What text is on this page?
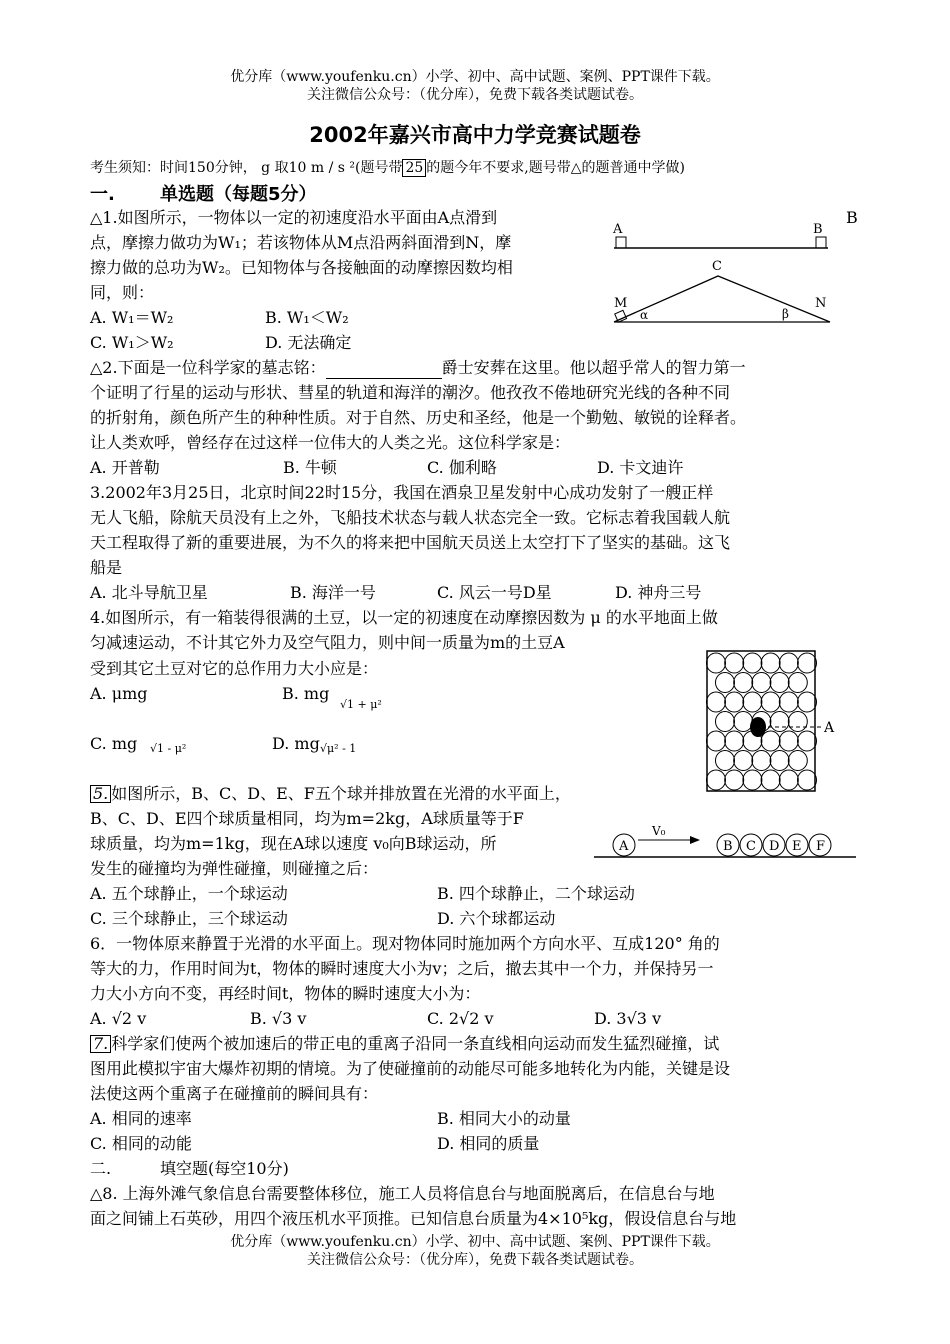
优分库（www.youfenku.cn）小学、初中、高中试题、案例、PPT课件下载。
关注微信公众号：（优分库），免费下载各类试题试卷。
2002年嘉兴市高中力学竞赛试题卷
考生须知：时间150分钟， g 取10 m / s ²(题号带 25 的题今年不要求,题号带△的题普通中学做)
一.	单选题（每题5分）
△1.如图所示，一物体以一定的初速度沿水平面由A点滑到
点，摩擦力做功为W₁；若该物体从M点沿两斜面滑到N，摩
擦力做的总功为W₂。已知物体与各接触面的动摩擦因数均相
同，则：
B
A. W₁＝W₂	B. W₁＜W₂
C. W₁＞W₂	D. 无法确定
A	B
C
M	N
α	β
△2.下面是一位科学家的墓志铭：	爵士安葬在这里。他以超乎常人的智力第一
个证明了行星的运动与形状、彗星的轨道和海洋的潮汐。他孜孜不倦地研究光线的各种不同
的折射角，颜色所产生的种种性质。对于自然、历史和圣经，他是一个勤勉、敏锐的诠释者。
让人类欢呼，曾经存在过这样一位伟大的人类之光。这位科学家是：
A. 开普勒	B. 牛顿	C. 伽利略	D. 卡文迪许
3.2002年3月25日，北京时间22时15分，我国在酒泉卫星发射中心成功发射了一艘正样
无人飞船，除航天员没有上之外，飞船技术状态与载人状态完全一致。它标志着我国载人航
天工程取得了新的重要进展，为不久的将来把中国航天员送上太空打下了坚实的基础。这飞
船是
A. 北斗导航卫星	B. 海洋一号	C. 风云一号D星	D. 神舟三号
4.如图所示，有一箱装得很满的土豆，以一定的初速度在动摩擦因数为 μ 的水平地面上做
匀减速运动，不计其它外力及空气阻力，则中间一质量为m的土豆A
受到其它土豆对它的总作用力大小应是：
A. μmg	B. mg
√1 + μ²
C. mg √1 - μ²	D. mg √μ² - 1
A
5. 如图所示，B、C、D、E、F五个球并排放置在光滑的水平面上，
B、C、D、E四个球质量相同，均为m=2kg，A球质量等于F
球质量，均为m=1kg，现在A球以速度 v₀向B球运动，所
发生的碰撞均为弹性碰撞，则碰撞之后：
A. 五个球静止，一个球运动	B. 四个球静止，二个球运动
C. 三个球静止，三个球运动	D. 六个球都运动
A
V₀
B C D E F
6．一物体原来静置于光滑的水平面上。现对物体同时施加两个方向水平、互成120° 角的
等大的力，作用时间为t，物体的瞬时速度大小为v；之后，撤去其中一个力，并保持另一
力大小方向不变，再经时间t，物体的瞬时速度大小为：
A. √2 v	B. √3 v	C. 2√2 v	D. 3√3 v
7. 科学家们使两个被加速后的带正电的重离子沿同一条直线相向运动而发生猛烈碰撞，试
图用此模拟宇宙大爆炸初期的情境。为了使碰撞前的动能尽可能多地转化为内能，关键是设
法使这两个重离子在碰撞前的瞬间具有：
A. 相同的速率	B. 相同大小的动量
C. 相同的动能	D. 相同的质量
二.	填空题(每空10分)
△8. 上海外滩气象信息台需要整体移位，施工人员将信息台与地面脱离后，在信息台与地
面之间铺上石英砂，用四个液压机水平顶推。已知信息台质量为4×10⁵kg，假设信息台与地
优分库（www.youfenku.cn）小学、初中、高中试题、案例、PPT课件下载。
关注微信公众号：（优分库），免费下载各类试题试卷。
